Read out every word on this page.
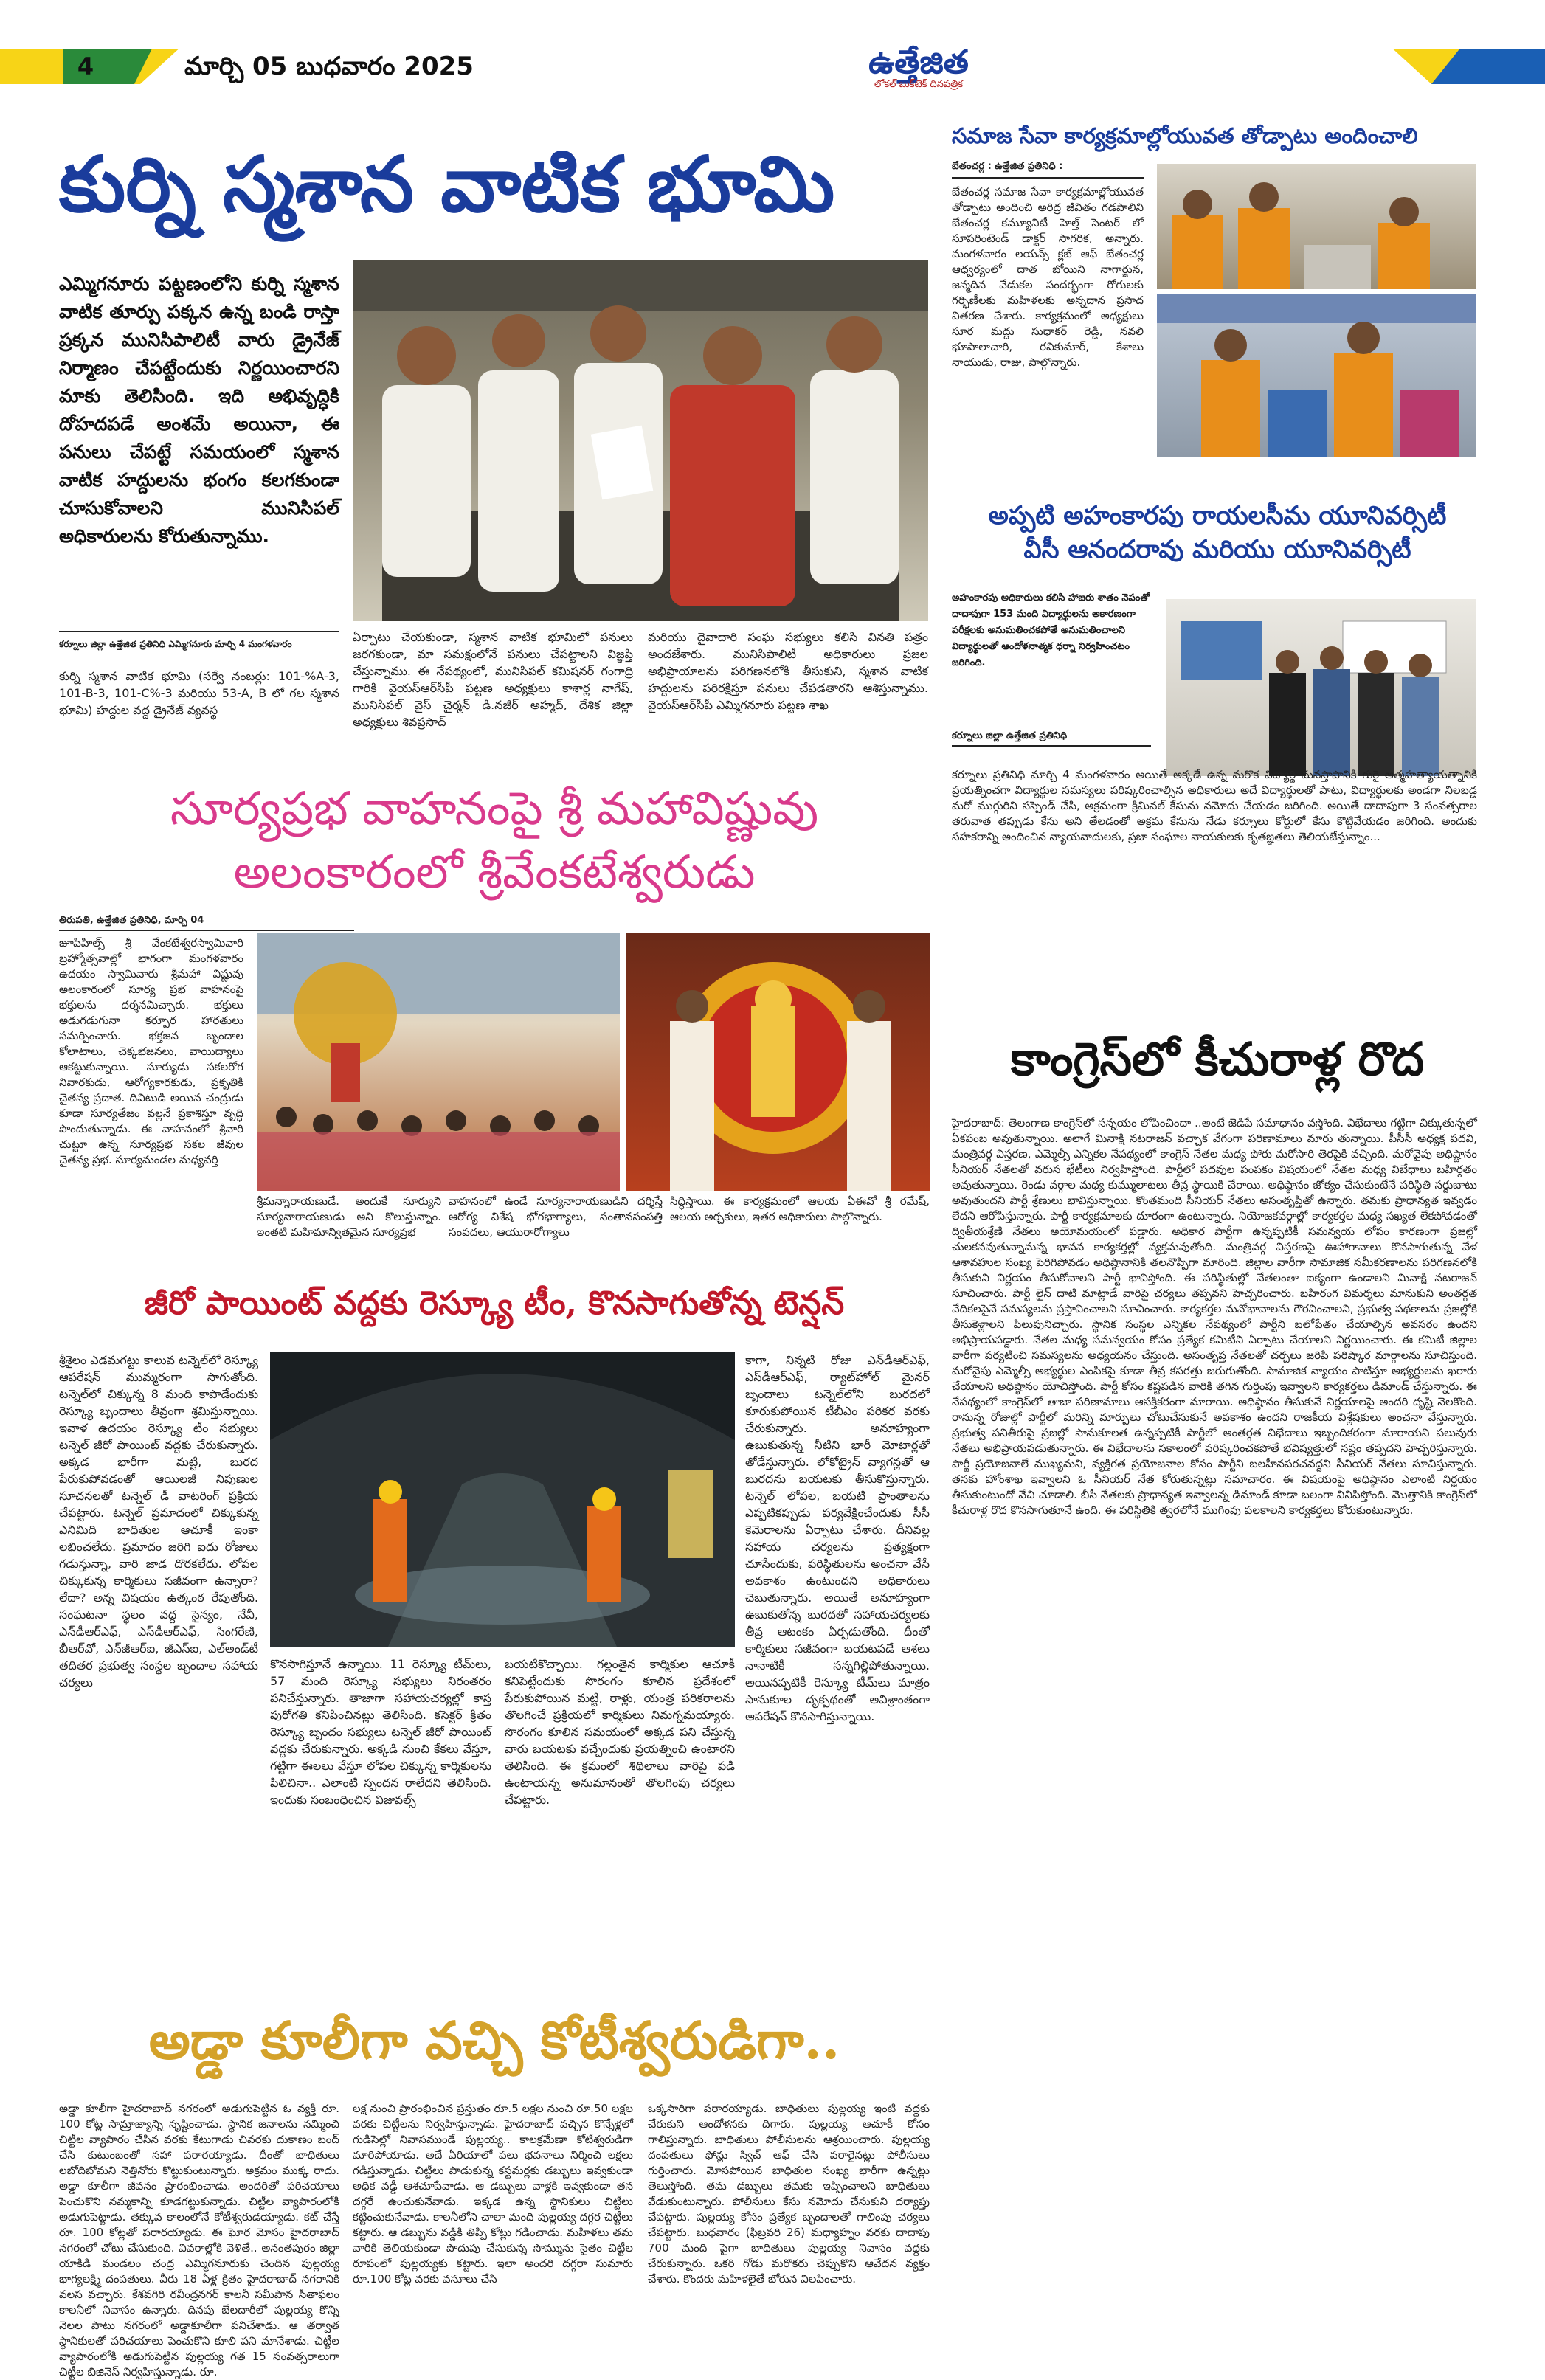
4	మార్చి 05 బుధవారం 2025	ఉత్తేజిత
లోకల్ బుక్‌టెక్ దినపత్రిక
కుర్ని స్మశాన వాటిక భూమి
ఎమ్మిగనూరు పట్టణంలోని కుర్ని స్మశాన వాటిక తూర్పు పక్కన ఉన్న బండి రాస్తా ప్రక్కన మునిసిపాలిటీ వారు డ్రైనేజ్ నిర్మాణం చేపట్టేందుకు నిర్ణయించారని మాకు తెలిసింది. ఇది అభివృద్ధికి దోహదపడే అంశమే అయినా, ఈ పనులు చేపట్టే సమయంలో స్మశాన వాటిక హద్దులను భంగం కలగకుండా చూసుకోవాలని మునిసిపల్ అధికారులను కోరుతున్నాము.
కర్నూలు జిల్లా ఉత్తేజిత ప్రతినిధి ఎమ్మిగనూరు మార్చి 4 మంగళవారం
కుర్ని స్మశాన వాటిక భూమి (సర్వే నంబర్లు: 101-%A-3, 101-B-3, 101-C%-3 మరియు 53-A, B లో గల స్మశాన భూమి) హద్దుల వద్ద డ్రైనేజ్ వ్యవస్థ
ఏర్పాటు చేయకుండా, స్మశాన వాటిక భూమిలో పనులు జరగకుండా, మా సమక్షంలోనే పనులు చేపట్టాలని విజ్ఞప్తి చేస్తున్నాము. ఈ నేపథ్యంలో, మునిసిపల్ కమిషనర్ గంగాద్రి గారికి వైయస్ఆర్‌సీపీ పట్టణ అధ్యక్షులు కాశార్ల నాగేష్, మునిసిపల్ వైస్ చైర్మన్ డి.నజీర్ అహ్మద్, దేశిక జిల్లా అధ్యక్షులు శివప్రసాద్
మరియు దైవాదారి సంఘ సభ్యులు కలిసి వినతి పత్రం అందజేశారు. మునిసిపాలిటీ అధికారులు ప్రజల అభిప్రాయాలను పరిగణనలోకి తీసుకుని, స్మశాన వాటిక హద్దులను పరిరక్షిస్తూ పనులు చేపడతారని ఆశిస్తున్నాము. వైయస్ఆర్‌సీపీ ఎమ్మిగనూరు పట్టణ శాఖ
సమాజ సేవా కార్యక్రమాల్లోయువత తోడ్పాటు అందించాలి
బేతంచర్ల : ఉత్తేజిత ప్రతినిధి :
బేతంచర్ల సమాజ సేవా కార్యక్రమాల్లోయువత తోడ్పాటు అందించి అరిద్ర జీవితం గడపాలిని బేతంచర్ల కమ్యూనిటీ హెల్త్ సెంటర్ లో సూపరింటెండ్ డాక్టర్ సాగరిక, అన్నారు. మంగళవారం లయన్స్ క్లబ్ ఆఫ్ బేతంచర్ల ఆధ్వర్యంలో దాత బోయిని నాగార్జున, జన్మదిన వేడుకల సందర్భంగా రోగులకు గర్భిణీలకు మహిళలకు అన్నదాన ప్రసాద వితరణ చేశారు. కార్యక్రమంలో అధ్యక్షులు సూర మద్దు సుధాకర్ రెడ్డి, నవలి భూపాలాచారి, రవికుమార్, కేశాలు నాయుడు, రాజు, పాల్గొన్నారు.
అప్పటి అహంకారపు రాయలసీమ యూనివర్సిటీ
వీసీ ఆనందరావు మరియు యూనివర్సిటీ
అహంకారపు అధికారులు కలిసి హాజరు శాతం నెపంతో దాదాపుగా 153 మంది విద్యార్థులను అకారణంగా పరీక్షలకు అనుమతించకపోతే అనుమతించాలని విద్యార్థులతో ఆందోళనాత్మక ధర్నా నిర్వహించటం జరిగింది.
కర్నూలు జిల్లా ఉత్తేజిత ప్రతినిధి
కర్నూలు ప్రతినిధి మార్చి 4 మంగళవారం అయితే అక్కడే ఉన్న మరొక విద్యార్థి మనస్తాపానికి గురై ఆత్మహత్యాయత్నానికి ప్రయత్నించగా విద్యార్థుల సమస్యలు పరిష్కరించాల్సిన అధికారులు అదే విద్యార్థులతో పాటు, విద్యార్థులకు అండగా నిలబడ్డ మరో ముగ్గురిని సస్పెండ్ చేసి, అక్రమంగా క్రిమినల్ కేసును నమోదు చేయడం జరిగింది. అయితే దాదాపుగా 3 సంవత్సరాల తరువాత తప్పుడు కేసు అని తేలడంతో అక్రమ కేసును నేడు కర్నూలు కోర్టులో కేసు కొట్టివేయడం జరిగింది. అందుకు సహకరాన్ని అందించిన న్యాయవాదులకు, ప్రజా సంఘాల నాయకులకు కృతజ్ఞతలు తెలియజేస్తున్నాం...
సూర్యప్రభ వాహనంపై శ్రీ మహావిష్ణువు
అలంకారంలో శ్రీవేంకటేశ్వరుడు
తిరుపతి, ఉత్తేజిత ప్రతినిధి, మార్చి 04
జూపిహిల్స్ శ్రీ వేంకటేశ్వరస్వామివారి బ్రహ్మోత్సవాల్లో భాగంగా మంగళవారం ఉదయం స్వామివారు శ్రీమహా విష్ణువు అలంకారంలో సూర్య ప్రభ వాహనంపై భక్తులను దర్శనమిచ్చారు. భక్తులు అడుగడుగునా కర్పూర హారతులు సమర్పించారు. భక్తజన బృందాల కోలాటాలు, చెక్కభజనలు, వాయిద్యాలు ఆకట్టుకున్నాయి. సూర్యుడు సకలరోగ నివారకుడు, ఆరోగ్యకారకుడు, ప్రకృతికి చైతన్య ప్రదాత. దివిటుడి అయిన చంద్రుడు కూడా సూర్యతేజం వల్లనే ప్రకాశిస్తూ వృద్ధి పొందుతున్నాడు. ఈ వాహనంలో శ్రీవారి చుట్టూ ఉన్న సూర్యప్రభ సకల జీవుల చైతన్య ప్రభ. సూర్యమండల మధ్యవర్తి
శ్రీమన్నారాయణుడే. అందుకే సూర్యుని సూర్యనారాయణుడు అని కొలుస్తున్నాం. ఇంతటి మహిమాన్వితమైన సూర్యప్రభ
వాహనంలో ఉండే సూర్యనారాయణుడిని దర్శిస్తే ఆరోగ్య విశేష భోగభాగ్యాలు, సంతానసంపత్తి సంపదలు, ఆయురారోగ్యాలు
సిద్ధిస్తాయి. ఈ కార్యక్రమంలో ఆలయ ఏఈవో శ్రీ రమేష్, ఆలయ అర్చకులు, ఇతర అధికారులు పాల్గొన్నారు.
కాంగ్రెస్‌లో కీచురాళ్ల రొద
హైదరాబాద్: తెలంగాణ కాంగ్రెస్‌లో సన్నయం లోపించిందా ..అంటే జెడిపే సమాధానం వస్తోంది. విభేదాలు గట్టిగా చిక్కుతున్నలో ఏకపంబ అవుతున్నాయి. అలాగే మినాక్షి నటరాజన్ వచ్చాక వేగంగా పరిణామాలు మారు తున్నాయి. పీసీసీ అధ్యక్ష పదవి, మంత్రివర్గ విస్తరణ, ఎమ్మెల్సీ ఎన్నికల నేపథ్యంలో కాంగ్రెస్ నేతల మధ్య పోరు మరోసారి తెరపైకి వచ్చింది. మరోవైపు అధిష్టానం సీనియర్ నేతలతో వరుస భేటీలు నిర్వహిస్తోంది. పార్టీలో పదవుల పంపకం విషయంలో నేతల మధ్య విబేధాలు బహిర్గతం అవుతున్నాయి. రెండు వర్గాల మధ్య కుమ్ములాటలు తీవ్ర స్థాయికి చేరాయి. అధిష్ఠానం జోక్యం చేసుకుంటేనే పరిస్థితి సర్దుబాటు అవుతుందని పార్టీ శ్రేణులు భావిస్తున్నాయి. కొంతమంది సీనియర్ నేతలు అసంతృప్తితో ఉన్నారు. తమకు ప్రాధాన్యత ఇవ్వడం లేదని ఆరోపిస్తున్నారు. పార్టీ కార్యక్రమాలకు దూరంగా ఉంటున్నారు. నియోజకవర్గాల్లో కార్యకర్తల మధ్య సఖ్యత లేకపోవడంతో ద్వితీయశ్రేణి నేతలు అయోమయంలో పడ్డారు. అధికార పార్టీగా ఉన్నప్పటికీ సమన్వయ లోపం కారణంగా ప్రజల్లో చులకనవుతున్నామన్న భావన కార్యకర్తల్లో వ్యక్తమవుతోంది. మంత్రివర్గ విస్తరణపై ఊహాగానాలు కొనసాగుతున్న వేళ ఆశావహుల సంఖ్య పెరిగిపోవడం అధిష్ఠానానికి తలనొప్పిగా మారింది. జిల్లాల వారీగా సామాజిక సమీకరణాలను పరిగణనలోకి తీసుకుని నిర్ణయం తీసుకోవాలని పార్టీ భావిస్తోంది. ఈ పరిస్థితుల్లో నేతలంతా ఐక్యంగా ఉండాలని మినాక్షి నటరాజన్ సూచించారు. పార్టీ లైన్ దాటి మాట్లాడే వారిపై చర్యలు తప్పవని హెచ్చరించారు. బహిరంగ విమర్శలు మానుకుని అంతర్గత వేదికలపైనే సమస్యలను ప్రస్తావించాలని సూచించారు. కార్యకర్తల మనోభావాలను గౌరవించాలని, ప్రభుత్వ పథకాలను ప్రజల్లోకి తీసుకెళ్లాలని పిలుపునిచ్చారు. స్థానిక సంస్థల ఎన్నికల నేపథ్యంలో పార్టీని బలోపేతం చేయాల్సిన అవసరం ఉందని అభిప్రాయపడ్డారు. నేతల మధ్య సమన్వయం కోసం ప్రత్యేక కమిటీని ఏర్పాటు చేయాలని నిర్ణయించారు. ఈ కమిటీ జిల్లాల వారీగా పర్యటించి సమస్యలను అధ్యయనం చేస్తుంది. అసంతృప్త నేతలతో చర్చలు జరిపి పరిష్కార మార్గాలను సూచిస్తుంది. మరోవైపు ఎమ్మెల్సీ అభ్యర్థుల ఎంపికపై కూడా తీవ్ర కసరత్తు జరుగుతోంది. సామాజిక న్యాయం పాటిస్తూ అభ్యర్థులను ఖరారు చేయాలని అధిష్ఠానం యోచిస్తోంది. పార్టీ కోసం కష్టపడిన వారికి తగిన గుర్తింపు ఇవ్వాలని కార్యకర్తలు డిమాండ్ చేస్తున్నారు. ఈ నేపథ్యంలో కాంగ్రెస్‌లో తాజా పరిణామాలు ఆసక్తికరంగా మారాయి. అధిష్ఠానం తీసుకునే నిర్ణయాలపై అందరి దృష్టి నెలకొంది. రానున్న రోజుల్లో పార్టీలో మరిన్ని మార్పులు చోటుచేసుకునే అవకాశం ఉందని రాజకీయ విశ్లేషకులు అంచనా వేస్తున్నారు. ప్రభుత్వ పనితీరుపై ప్రజల్లో సానుకూలత ఉన్నప్పటికీ పార్టీలో అంతర్గత విభేదాలు ఇబ్బందికరంగా మారాయని పలువురు నేతలు అభిప్రాయపడుతున్నారు. ఈ విభేదాలను సకాలంలో పరిష్కరించకపోతే భవిష్యత్తులో నష్టం తప్పదని హెచ్చరిస్తున్నారు. పార్టీ ప్రయోజనాలే ముఖ్యమని, వ్యక్తిగత ప్రయోజనాల కోసం పార్టీని బలహీనపరచవద్దని సీనియర్ నేతలు సూచిస్తున్నారు. తనకు హోంశాఖ ఇవ్వాలని ఓ సీనియర్ నేత కోరుతున్నట్లు సమాచారం. ఈ విషయంపై అధిష్ఠానం ఎలాంటి నిర్ణయం తీసుకుంటుందో వేచి చూడాలి. బీసీ నేతలకు ప్రాధాన్యత ఇవ్వాలన్న డిమాండ్ కూడా బలంగా వినిపిస్తోంది. మొత్తానికి కాంగ్రెస్‌లో కీచురాళ్ల రొద కొనసాగుతూనే ఉంది. ఈ పరిస్థితికి త్వరలోనే ముగింపు పలకాలని కార్యకర్తలు కోరుకుంటున్నారు.
జీరో పాయింట్ వద్దకు రెస్క్యూ టీం, కొనసాగుతోన్న టెన్షన్
శ్రీశైలం ఎడమగట్టు కాలువ టన్నెల్‌లో రెస్క్యూ ఆపరేషన్ ముమ్మరంగా సాగుతోంది. టన్నెల్‌లో చిక్కున్న 8 మంది కాపాడేందుకు రెస్క్యూ బృందాలు తీవ్రంగా శ్రమిస్తున్నాయి. ఇవాళ ఉదయం రెస్క్యూ టీం సభ్యులు టన్నెల్ జీరో పాయింట్ వద్దకు చేరుకున్నారు. అక్కడ భారీగా మట్టి, బురద పేరుకుపోవడంతో ఆయిలజీ నిపుణుల సూచనలతో టన్నెల్ డీ వాటరింగ్ ప్రక్రియ చేపట్టారు. టన్నెల్ ప్రమాదంలో చిక్కుకున్న ఎనిమిది బాధితుల ఆచూకీ ఇంకా లభించలేదు. ప్రమాదం జరిగి ఐదు రోజులు గడుస్తున్నా, వారి జాడ దొరకలేదు. లోపల చిక్కుకున్న కార్మికులు సజీవంగా ఉన్నారా? లేదా? అన్న విషయం ఉత్కంఠ రేపుతోంది. సంఘటనా స్థలం వద్ద సైన్యం, నేవీ, ఎన్‌డీఆర్ఎఫ్, ఎస్‌డీఆర్ఎఫ్, సింగరేణి, బీఆర్‌వో, ఎన్‌జీఆర్ఐ, జీఎస్ఐ, ఎల్అండ్‌టీ తదితర ప్రభుత్వ సంస్థల బృందాల సహాయ చర్యలు
కాగా, నిన్నటి రోజు ఎన్‌డీఆర్ఎఫ్, ఎస్‌డీఆర్ఎఫ్, ర్యాట్‌హోల్ మైనర్ బృందాలు టన్నెల్‌లోని బురదలో కూరుకుపోయిన టీబీఎం పరికర వరకు చేరుకున్నారు. అనూహ్యంగా ఉబుకుతున్న నీటిని భారీ మోటార్లతో తోడేస్తున్నారు. లోకోట్రైన్ వ్యాగన్లతో ఆ బురదను బయటకు తీసుకొస్తున్నారు. టన్నెల్ లోపల, బయటి ప్రాంతాలను ఎప్పటికప్పుడు పర్యవేక్షించేందుకు సీసీ కెమెరాలను ఏర్పాటు చేశారు. దీనివల్ల సహాయ చర్యలను ప్రత్యక్షంగా చూసేందుకు, పరిస్థితులను అంచనా వేసే అవకాశం ఉంటుందని అధికారులు చెబుతున్నారు. అయితే అనూహ్యంగా ఉబుకుతోన్న బురదతో సహాయచర్యలకు తీవ్ర ఆటంకం ఏర్పడుతోంది. దీంతో కార్మికులు సజీవంగా బయటపడే ఆశలు నానాటికీ సన్నగిల్లిపోతున్నాయి. అయినప్పటికీ రెస్క్యూ టీమ్‌లు మాత్రం సానుకూల దృక్పథంతో అవిశ్రాంతంగా ఆపరేషన్ కొనసాగిస్తున్నాయి.
కొనసాగిస్తూనే ఉన్నాయి. 11 రెస్క్యూ టీమ్‌లు, 57 మంది రెస్క్యూ సభ్యులు నిరంతరం పనిచేస్తున్నారు. తాజాగా సహాయచర్యల్లో కాస్త పురోగతి కనిపించినట్లు తెలిసింది. కసెక్టర్ క్రితం రెస్క్యూ బృందం సభ్యులు టన్నెల్ జీరో పాయింట్ వద్దకు చేరుకున్నారు. అక్కడి నుంచి కేకలు వేస్తూ, గట్టిగా ఈలలు వేస్తూ లోపల చిక్కున్న కార్మికులను పిలిచినా.. ఎలాంటి స్పందన రాలేదని తెలిసింది. ఇందుకు సంబంధించిన విజువల్స్
బయటికొచ్చాయి. గల్లంతైన కార్మికుల ఆచూకీ కనిపెట్టేందుకు సొరంగం కూలిన ప్రదేశంలో పేరుకుపోయిన మట్టి, రాళ్లు, యంత్ర పరికరాలను తొలగించే ప్రక్రియలో కార్మికులు నిమగ్నమయ్యారు. సొరంగం కూలిన సమయంలో అక్కడ పని చేస్తున్న వారు బయటకు వచ్చేందుకు ప్రయత్నించి ఉంటారని తెలిసింది. ఈ క్రమంలో శిథిలాలు వారిపై పడి ఉంటాయన్న అనుమానంతో తొలగింపు చర్యలు చేపట్టారు.
అడ్డా కూలీగా వచ్చి కోటీశ్వరుడిగా..
అడ్డా కూలీగా హైదరాబాద్ నగరంలో అడుగుపెట్టిన ఓ వ్యక్తి రూ. 100 కోట్ల సామ్రాజ్యాన్ని సృష్టించాడు. స్థానిక జనాలను నమ్మించి చిట్టీల వ్యాపారం చేసిన వరకు కేటుగాడు చివరకు దుకాణం బంద్ చేసి కుటుంబంతో సహా పరారయ్యాడు. దీంతో బాధితులు లబోదిబోమని నెత్తినోరు కొట్టుకుంటున్నారు. అక్రమం ముక్క రాదు. అడ్డా కూలీగా జీవనం ప్రారంభించాడు. అందరితో పరిచయాలు పెంచుకొని నమ్మకాన్ని కూడగట్టుకున్నాడు. చిట్టీల వ్యాపారంలోకి అడుగుపెట్టాడు. తక్కువ కాలంలోనే కోటీశ్వరుడయ్యాడు. కట్ చేస్తే రూ. 100 కోట్లతో పరారయ్యాడు. ఈ ఘోర మోసం హైదరాబాద్ నగరంలో చోటు చేసుకుంది. వివరాల్లోకి వెళితే.. అనంతపురం జిల్లా యాకిడి మండలం చంద్ర ఎమ్మిగనూరుకు చెందిన పుల్లయ్య భాగ్యలక్ష్మి దంపతులు. వీరు 18 ఏళ్ల క్రితం హైదరాబాద్ నగరానికి వలస వచ్చారు. కేశవగిరి రవీంద్రనగర్ కాలనీ సమీపాన సీతాఫలం కాలనీలో నివాసం ఉన్నారు. దినపు బేలదారీలో పుల్లయ్య కొన్ని నెలల పాటు నగరంలో అడ్డాకూలీగా పనిచేశాడు. ఆ తర్వాత స్థానికులతో పరిచయాలు పెంచుకొని కూలి పని మానేశాడు. చిట్టీల వ్యాపారంలోకి అడుగుపెట్టిన పుల్లయ్య గత 15 సంవత్సరాలుగా చిట్టీల బిజినెస్ నిర్వహిస్తున్నాడు. రూ.
లక్ష నుంచి ప్రారంభించిన ప్రస్తుతం రూ.5 లక్షల నుంచి రూ.50 లక్షల వరకు చిట్టీలను నిర్వహిస్తున్నాడు. హైదరాబాద్ వచ్చిన కొన్నేళ్లలో గుడిసెల్లో నివాసముండే పుల్లయ్య.. కాలక్రమేణా కోటీశ్వరుడిగా మారిపోయాడు. అదే ఏరియాలో పలు భవనాలు నిర్మించి లక్షలు గడిస్తున్నాడు. చిట్టీలు పాడుకున్న కస్టమర్లకు డబ్బులు ఇవ్వకుండా అధిక వడ్డీ ఆశచూపేవాడు. ఆ డబ్బులు వాళ్లకి ఇవ్వకుండా తన దగ్గరే ఉంచుకునేవాడు. ఇక్కడ ఉన్న స్థానికులు చిట్టీలు కట్టించుకునేవాడు. కాలనీలోని చాలా మంది పుల్లయ్య దగ్గర చిట్టీలు కట్టారు. ఆ డబ్బును వడ్డీకి తిప్పి కోట్లు గడించాడు. మహిళలు తమ వారికి తెలియకుండా పొదుపు చేసుకున్న సొమ్మును సైతం చిట్టీల రూపంలో పుల్లయ్యకు కట్టారు. ఇలా అందరి దగ్గరా సుమారు రూ.100 కోట్ల వరకు వసూలు చేసి
ఒక్కసారిగా పరారయ్యాడు. బాధితులు పుల్లయ్య ఇంటి వద్దకు చేరుకుని ఆందోళనకు దిగారు. పుల్లయ్య ఆచూకీ కోసం గాలిస్తున్నారు. బాధితులు పోలీసులను ఆశ్రయించారు. పుల్లయ్య దంపతులు ఫోన్లు స్విచ్ ఆఫ్ చేసి పరారైనట్లు పోలీసులు గుర్తించారు. మోసపోయిన బాధితుల సంఖ్య భారీగా ఉన్నట్లు తెలుస్తోంది. తమ డబ్బులు తమకు ఇప్పించాలని బాధితులు వేడుకుంటున్నారు. పోలీసులు కేసు నమోదు చేసుకుని దర్యాప్తు చేపట్టారు. పుల్లయ్య కోసం ప్రత్యేక బృందాలతో గాలింపు చర్యలు చేపట్టారు. బుధవారం (ఫిబ్రవరి 26) మధ్యాహ్నం వరకు దాదాపు 700 మంది పైగా బాధితులు పుల్లయ్య నివాసం వద్దకు చేరుకున్నారు. ఒకరి గోడు మరొకరు చెప్పుకొని ఆవేదన వ్యక్తం చేశారు. కొందరు మహిళలైతే బోరున విలపించారు.
